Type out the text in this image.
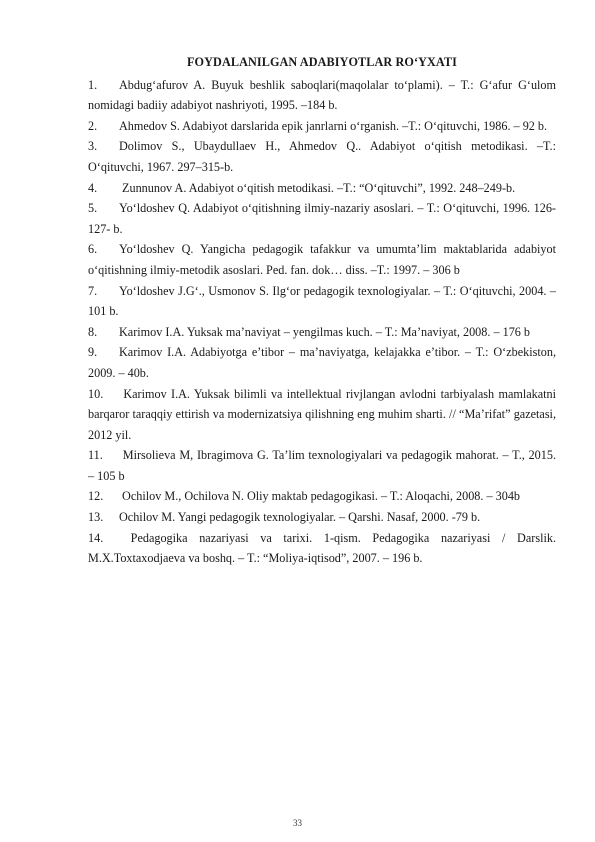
FOYDALANILGAN ADABIYOTLAR RO‘YXATI

1. Abdug‘afurov A. Buyuk beshlik saboqlari(maqolalar to‘plami). – T.: G‘afur G‘ulom nomidagi badiiy adabiyot nashriyoti, 1995. –184 b.

2. Ahmedov S. Adabiyot darslarida epik janrlarni o‘rganish. –T.: O‘qituvchi, 1986. – 92 b.

3. Dolimov S., Ubaydullaev H., Ahmedov Q.. Adabiyot o‘qitish metodikasi. –T.: O‘qituvchi, 1967. 297–315-b.

4. Zunnunov A. Adabiyot o‘qitish metodikasi. –T.: “O‘qituvchi”, 1992. 248–249-b.

5. Yo‘ldoshev Q. Adabiyot o‘qitishning ilmiy-nazariy asoslari. – T.: O‘qituvchi, 1996. 126-127- b.

6. Yo‘ldoshev Q. Yangicha pedagogik tafakkur va umumta’lim maktablarida adabiyot o‘qitishning ilmiy-metodik asoslari. Ped. fan. dok… diss. –T.: 1997. – 306 b

7. Yo‘ldoshev J.G‘., Usmonov S. Ilg‘or pedagogik texnologiyalar. – T.: O‘qituvchi, 2004. – 101 b.

8. Karimov I.A. Yuksak ma’naviyat – yengilmas kuch. – T.: Ma’naviyat, 2008. – 176 b

9. Karimov I.A. Adabiyotga e’tibor – ma’naviyatga, kelajakka e’tibor. – T.: O‘zbekiston, 2009. – 40b.

10. Karimov I.A. Yuksak bilimli va intellektual rivjlangan avlodni tarbiyalash mamlakatni barqaror taraqqiy ettirish va modernizatsiya qilishning eng muhim sharti. // “Ma’rifat” gazetasi, 2012 yil.

11. Mirsolieva M, Ibragimova G. Ta’lim texnologiyalari va pedagogik mahorat. – T., 2015. – 105 b

12. Ochilov M., Ochilova N. Oliy maktab pedagogikasi. – T.: Aloqachi, 2008. – 304b

13. Ochilov M. Yangi pedagogik texnologiyalar. – Qarshi. Nasaf, 2000. -79 b.

14. Pedagogika nazariyasi va tarixi. 1-qism. Pedagogika nazariyasi / Darslik. M.X.Toxtaxodjaeva va boshq. – T.: “Moliya-iqtisod”, 2007. – 196 b.

33
